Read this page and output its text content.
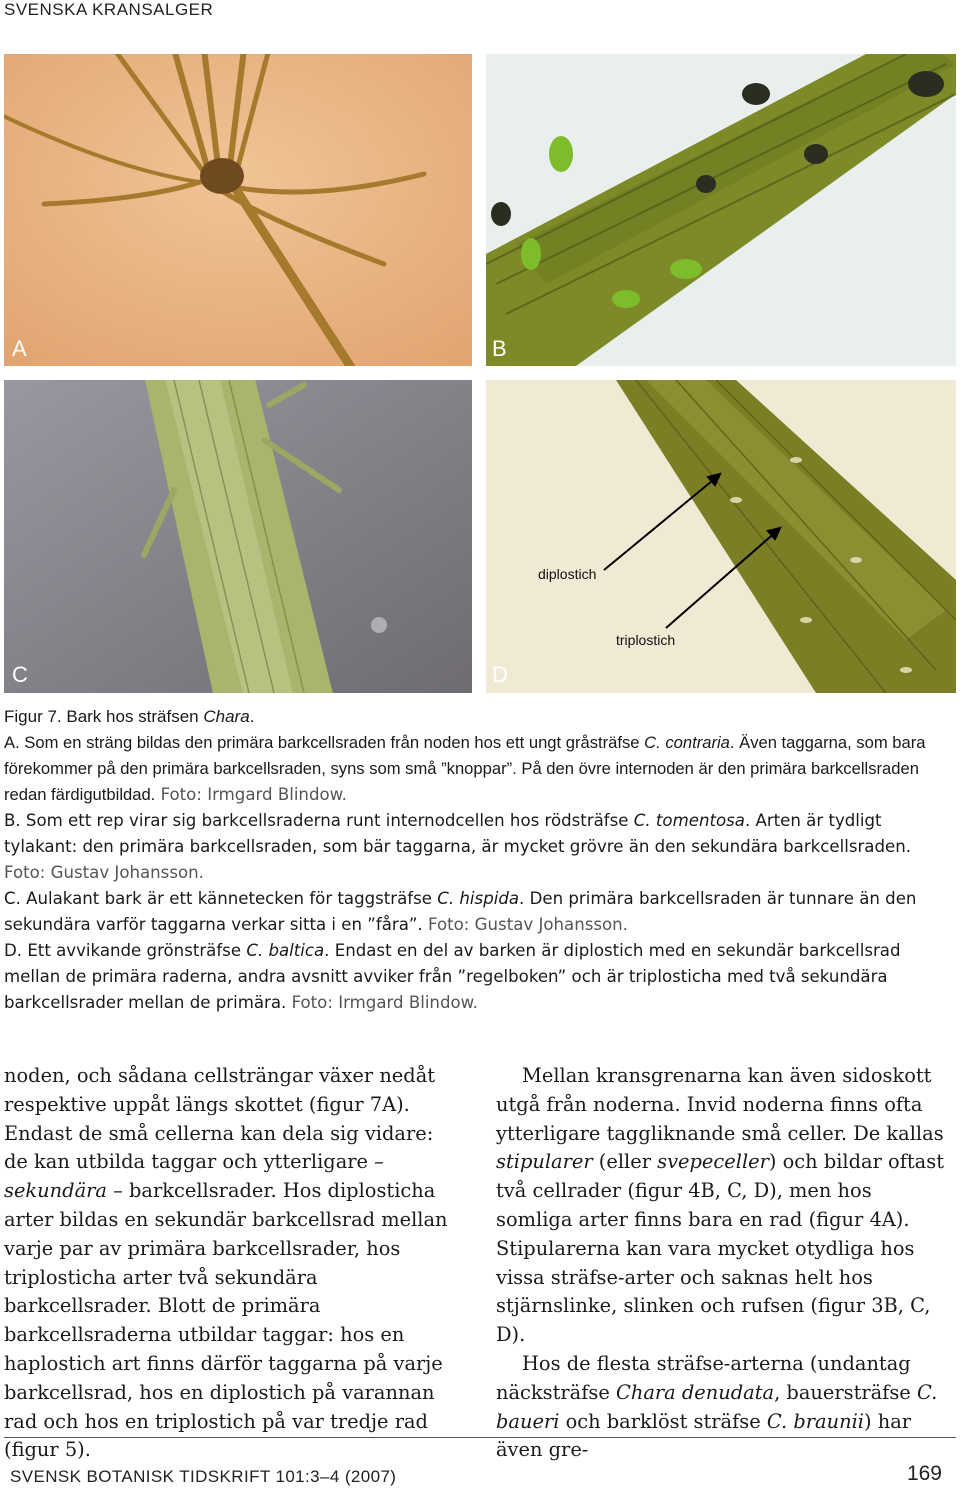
SVENSKA KRANSALGER
A	B
C
diplostich
triplostich
D

Figur 7. Bark hos sträfsen Chara.

A. Som en sträng bildas den primära barkcellsraden från noden hos ett ungt gråsträfse C. contraria. Även taggarna, som bara förekommer på den primära barkcellsraden, syns som små ”knoppar”. På den övre internoden är den primära barkcellsraden redan färdigutbildad. Foto: Irmgard Blindow.

B. Som ett rep virar sig barkcellsraderna runt internodcellen hos rödsträfse C. tomentosa. Arten är tydligt tylakant: den primära barkcellsraden, som bär taggarna, är mycket grövre än den sekundära barkcellsraden. Foto: Gustav Johansson.

C. Aulakant bark är ett kännetecken för taggsträfse C. hispida. Den primära barkcellsraden är tunnare än den sekundära varför taggarna verkar sitta i en ”fåra”. Foto: Gustav Johansson.

D. Ett avvikande grönsträfse C. baltica. Endast en del av barken är diplostich med en sekundär barkcellsrad mellan de primära raderna, andra avsnitt avviker från ”regelboken” och är triplosticha med två sekundära barkcellsrader mellan de primära. Foto: Irmgard Blindow.

noden, och sådana cellsträngar växer nedåt respektive uppåt längs skottet (figur 7A). Endast de små cellerna kan dela sig vidare: de kan utbilda taggar och ytterligare – sekundära – barkcellsrader. Hos diplosticha arter bildas en sekundär barkcellsrad mellan varje par av primära barkcellsrader, hos triplosticha arter två sekundära barkcellsrader. Blott de primära barkcellsraderna utbildar taggar: hos en haplostich art finns därför taggarna på varje barkcellsrad, hos en diplostich på varannan rad och hos en triplostich på var tredje rad (figur 5).

Mellan kransgrenarna kan även sidoskott utgå från noderna. Invid noderna finns ofta ytterligare taggliknande små celler. De kallas stipularer (eller svepeceller) och bildar oftast två cellrader (figur 4B, C, D), men hos somliga arter finns bara en rad (figur 4A). Stipularerna kan vara mycket otydliga hos vissa sträfse-arter och saknas helt hos stjärnslinke, slinken och rufsen (figur 3B, C, D).

Hos de flesta sträfse-arterna (undantag näcksträfse Chara denudata, bauersträfse C. baueri och barklöst sträfse C. braunii) har även gre-

SVENSK BOTANISK TIDSKRIFT 101:3–4 (2007)	169
